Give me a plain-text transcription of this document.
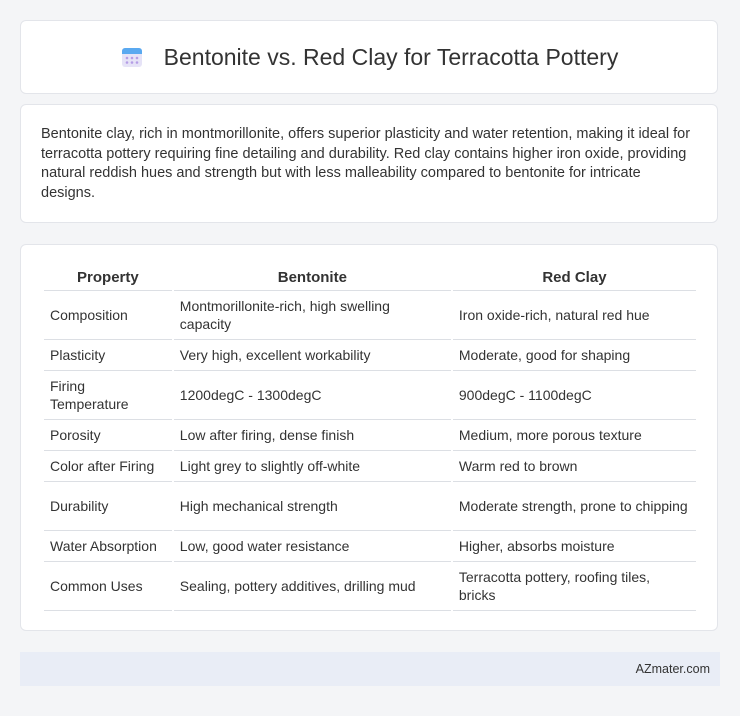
Bentonite vs. Red Clay for Terracotta Pottery

Bentonite clay, rich in montmorillonite, offers superior plasticity and water retention, making it ideal for terracotta pottery requiring fine detailing and durability. Red clay contains higher iron oxide, providing natural reddish hues and strength but with less malleability compared to bentonite for intricate designs.

Property	Bentonite	Red Clay
Composition	Montmorillonite-rich, high swelling capacity	Iron oxide-rich, natural red hue
Plasticity	Very high, excellent workability	Moderate, good for shaping
Firing Temperature	1200degC - 1300degC	900degC - 1100degC
Porosity	Low after firing, dense finish	Medium, more porous texture
Color after Firing	Light grey to slightly off-white	Warm red to brown
Durability	High mechanical strength	Moderate strength, prone to chipping
Water Absorption	Low, good water resistance	Higher, absorbs moisture
Common Uses	Sealing, pottery additives, drilling mud	Terracotta pottery, roofing tiles, bricks
AZmater.com
